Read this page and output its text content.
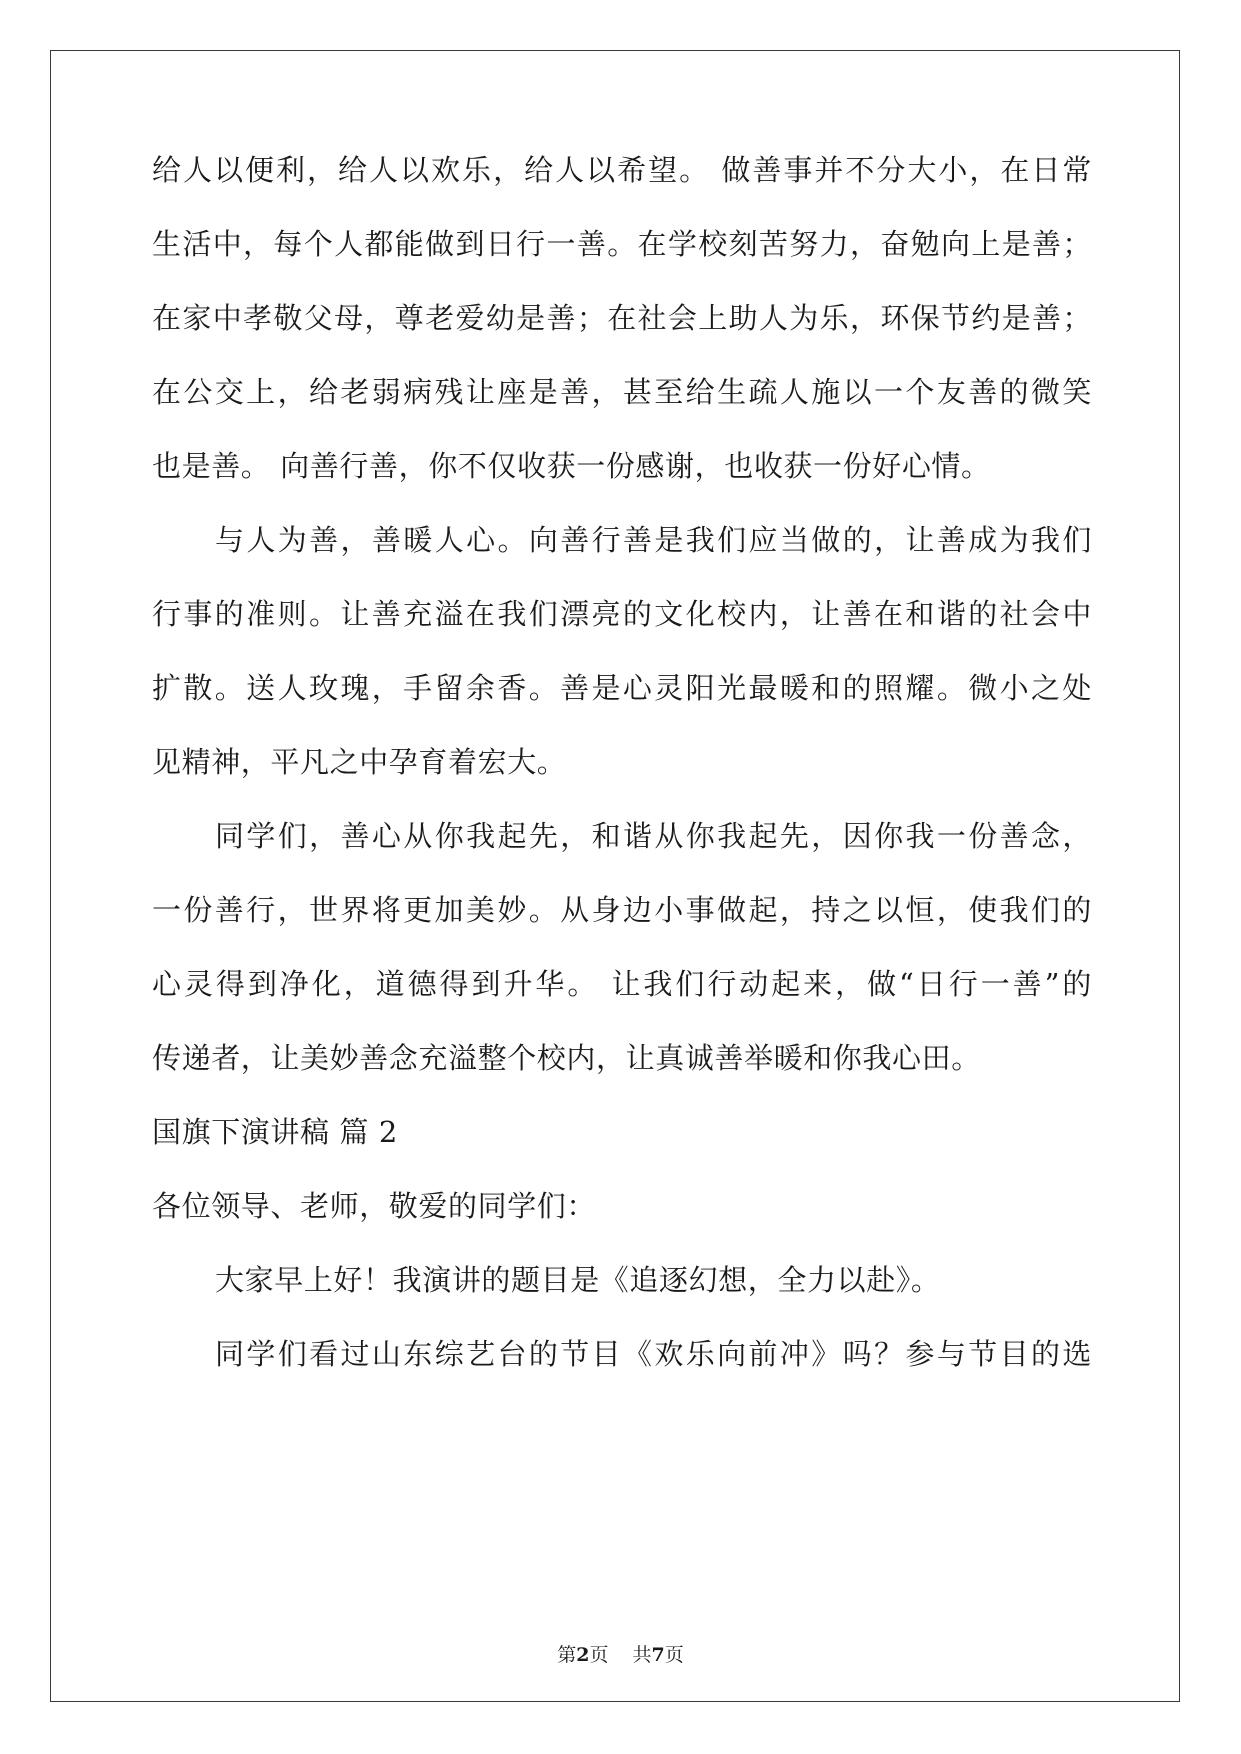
给人以便利，给人以欢乐，给人以希望。 做善事并不分大小，在日常

生活中，每个人都能做到日行一善。在学校刻苦努力，奋勉向上是善；

在家中孝敬父母，尊老爱幼是善；在社会上助人为乐，环保节约是善；

在公交上，给老弱病残让座是善，甚至给生疏人施以一个友善的微笑

也是善。 向善行善，你不仅收获一份感谢，也收获一份好心情。

与人为善，善暖人心。向善行善是我们应当做的，让善成为我们

行事的准则。让善充溢在我们漂亮的文化校内，让善在和谐的社会中

扩散。送人玫瑰，手留余香。善是心灵阳光最暖和的照耀。微小之处

见精神，平凡之中孕育着宏大。

同学们，善心从你我起先，和谐从你我起先，因你我一份善念，

一份善行，世界将更加美妙。从身边小事做起，持之以恒，使我们的

心灵得到净化，道德得到升华。 让我们行动起来，做“日行一善”的

传递者，让美妙善念充溢整个校内，让真诚善举暖和你我心田。

国旗下演讲稿 篇 2

各位领导、老师，敬爱的同学们：

大家早上好！我演讲的题目是《追逐幻想，全力以赴》。

同学们看过山东综艺台的节目《欢乐向前冲》吗？参与节目的选

第2页 共7页
